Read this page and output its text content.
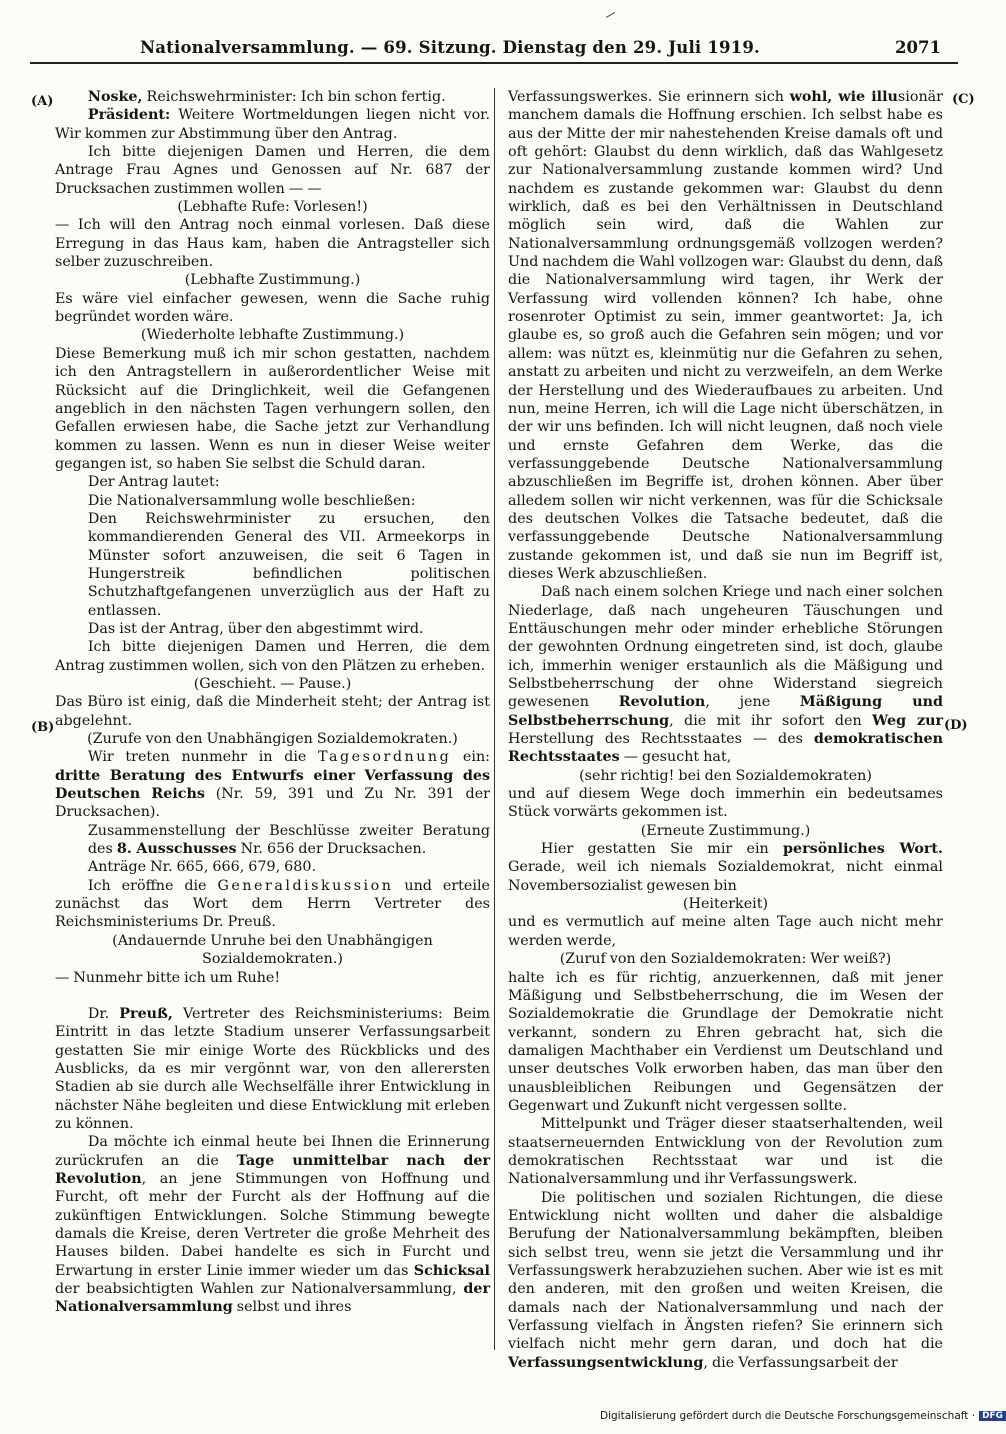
Nationalversammlung. — 69. Sitzung. Dienstag den 29. Juli 1919.	2071
(A)
(B)
(C)
(D)

Noske, Reichswehrminister: Ich bin schon fertig.

Präsident: Weitere Wortmeldungen liegen nicht vor. Wir kommen zur Abstimmung über den Antrag.

Ich bitte diejenigen Damen und Herren, die dem Antrage Frau Agnes und Genossen auf Nr. 687 der Drucksachen zustimmen wollen — —

(Lebhafte Rufe: Vorlesen!)

— Ich will den Antrag noch einmal vorlesen. Daß diese Erregung in das Haus kam, haben die Antragsteller sich selber zuzuschreiben.

(Lebhafte Zustimmung.)

Es wäre viel einfacher gewesen, wenn die Sache ruhig begründet worden wäre.

(Wiederholte lebhafte Zustimmung.)

Diese Bemerkung muß ich mir schon gestatten, nachdem ich den Antragstellern in außerordentlicher Weise mit Rücksicht auf die Dringlichkeit, weil die Gefangenen angeblich in den nächsten Tagen verhungern sollen, den Gefallen erwiesen habe, die Sache jetzt zur Verhandlung kommen zu lassen. Wenn es nun in dieser Weise weiter gegangen ist, so haben Sie selbst die Schuld daran.

Der Antrag lautet:

Die Nationalversammlung wolle beschließen:

Den Reichswehrminister zu ersuchen, den kommandierenden General des VII. Armeekorps in Münster sofort anzuweisen, die seit 6 Tagen in Hungerstreik befindlichen politischen Schutzhaftgefangenen unverzüglich aus der Haft zu entlassen.

Das ist der Antrag, über den abgestimmt wird.

Ich bitte diejenigen Damen und Herren, die dem Antrag zustimmen wollen, sich von den Plätzen zu erheben.

(Geschieht. — Pause.)

Das Büro ist einig, daß die Minderheit steht; der Antrag ist abgelehnt.

(Zurufe von den Unabhängigen Sozialdemokraten.)

Wir treten nunmehr in die Tagesordnung ein: dritte Beratung des Entwurfs einer Verfassung des Deutschen Reichs (Nr. 59, 391 und Zu Nr. 391 der Drucksachen).

Zusammenstellung der Beschlüsse zweiter Beratung des 8. Ausschusses Nr. 656 der Drucksachen.

Anträge Nr. 665, 666, 679, 680.

Ich eröffne die Generaldiskussion und erteile zunächst das Wort dem Herrn Vertreter des Reichsministeriums Dr. Preuß.

(Andauernde Unruhe bei den Unabhängigen Sozialdemokraten.)

— Nunmehr bitte ich um Ruhe!

Dr. Preuß, Vertreter des Reichsministeriums: Beim Eintritt in das letzte Stadium unserer Verfassungsarbeit gestatten Sie mir einige Worte des Rückblicks und des Ausblicks, da es mir vergönnt war, von den allerersten Stadien ab sie durch alle Wechselfälle ihrer Entwicklung in nächster Nähe begleiten und diese Entwicklung mit erleben zu können.

Da möchte ich einmal heute bei Ihnen die Erinnerung zurückrufen an die Tage unmittelbar nach der Revolution, an jene Stimmungen von Hoffnung und Furcht, oft mehr der Furcht als der Hoffnung auf die zukünftigen Entwicklungen. Solche Stimmung bewegte damals die Kreise, deren Vertreter die große Mehrheit des Hauses bilden. Dabei handelte es sich in Furcht und Erwartung in erster Linie immer wieder um das Schicksal der beabsichtigten Wahlen zur Nationalversammlung, der Nationalversammlung selbst und ihres

Verfassungswerkes. Sie erinnern sich wohl, wie illusionär manchem damals die Hoffnung erschien. Ich selbst habe es aus der Mitte der mir nahestehenden Kreise damals oft und oft gehört: Glaubst du denn wirklich, daß das Wahlgesetz zur Nationalversammlung zustande kommen wird? Und nachdem es zustande gekommen war: Glaubst du denn wirklich, daß es bei den Verhältnissen in Deutschland möglich sein wird, daß die Wahlen zur Nationalversammlung ordnungsgemäß vollzogen werden? Und nachdem die Wahl vollzogen war: Glaubst du denn, daß die Nationalversammlung wird tagen, ihr Werk der Verfassung wird vollenden können? Ich habe, ohne rosenroter Optimist zu sein, immer geantwortet: Ja, ich glaube es, so groß auch die Gefahren sein mögen; und vor allem: was nützt es, kleinmütig nur die Gefahren zu sehen, anstatt zu arbeiten und nicht zu verzweifeln, an dem Werke der Herstellung und des Wiederaufbaues zu arbeiten. Und nun, meine Herren, ich will die Lage nicht überschätzen, in der wir uns befinden. Ich will nicht leugnen, daß noch viele und ernste Gefahren dem Werke, das die verfassunggebende Deutsche Nationalversammlung abzuschließen im Begriffe ist, drohen können. Aber über alledem sollen wir nicht verkennen, was für die Schicksale des deutschen Volkes die Tatsache bedeutet, daß die verfassunggebende Deutsche Nationalversammlung zustande gekommen ist, und daß sie nun im Begriff ist, dieses Werk abzuschließen.

Daß nach einem solchen Kriege und nach einer solchen Niederlage, daß nach ungeheuren Täuschungen und Enttäuschungen mehr oder minder erhebliche Störungen der gewohnten Ordnung eingetreten sind, ist doch, glaube ich, immerhin weniger erstaunlich als die Mäßigung und Selbstbeherrschung der ohne Widerstand siegreich gewesenen Revolution, jene Mäßigung und Selbstbeherrschung, die mit ihr sofort den Weg zur Herstellung des Rechtsstaates — des demokratischen Rechtsstaates — gesucht hat,

(sehr richtig! bei den Sozialdemokraten)

und auf diesem Wege doch immerhin ein bedeutsames Stück vorwärts gekommen ist.

(Erneute Zustimmung.)

Hier gestatten Sie mir ein persönliches Wort. Gerade, weil ich niemals Sozialdemokrat, nicht einmal Novembersozialist gewesen bin

(Heiterkeit)

und es vermutlich auf meine alten Tage auch nicht mehr werden werde,

(Zuruf von den Sozialdemokraten: Wer weiß?)

halte ich es für richtig, anzuerkennen, daß mit jener Mäßigung und Selbstbeherrschung, die im Wesen der Sozialdemokratie die Grundlage der Demokratie nicht verkannt, sondern zu Ehren gebracht hat, sich die damaligen Machthaber ein Verdienst um Deutschland und unser deutsches Volk erworben haben, das man über den unausbleiblichen Reibungen und Gegensätzen der Gegenwart und Zukunft nicht vergessen sollte.

Mittelpunkt und Träger dieser staatserhaltenden, weil staatserneuernden Entwicklung von der Revolution zum demokratischen Rechtsstaat war und ist die Nationalversammlung und ihr Verfassungswerk.

Die politischen und sozialen Richtungen, die diese Entwicklung nicht wollten und daher die alsbaldige Berufung der Nationalversammlung bekämpften, bleiben sich selbst treu, wenn sie jetzt die Versammlung und ihr Verfassungswerk herabzuziehen suchen. Aber wie ist es mit den anderen, mit den großen und weiten Kreisen, die damals nach der Nationalversammlung und nach der Verfassung vielfach in Ängsten riefen? Sie erinnern sich vielfach nicht mehr gern daran, und doch hat die Verfassungsentwicklung, die Verfassungsarbeit der

Digitalisierung gefördert durch die Deutsche Forschungsgemeinschaft · DFG
